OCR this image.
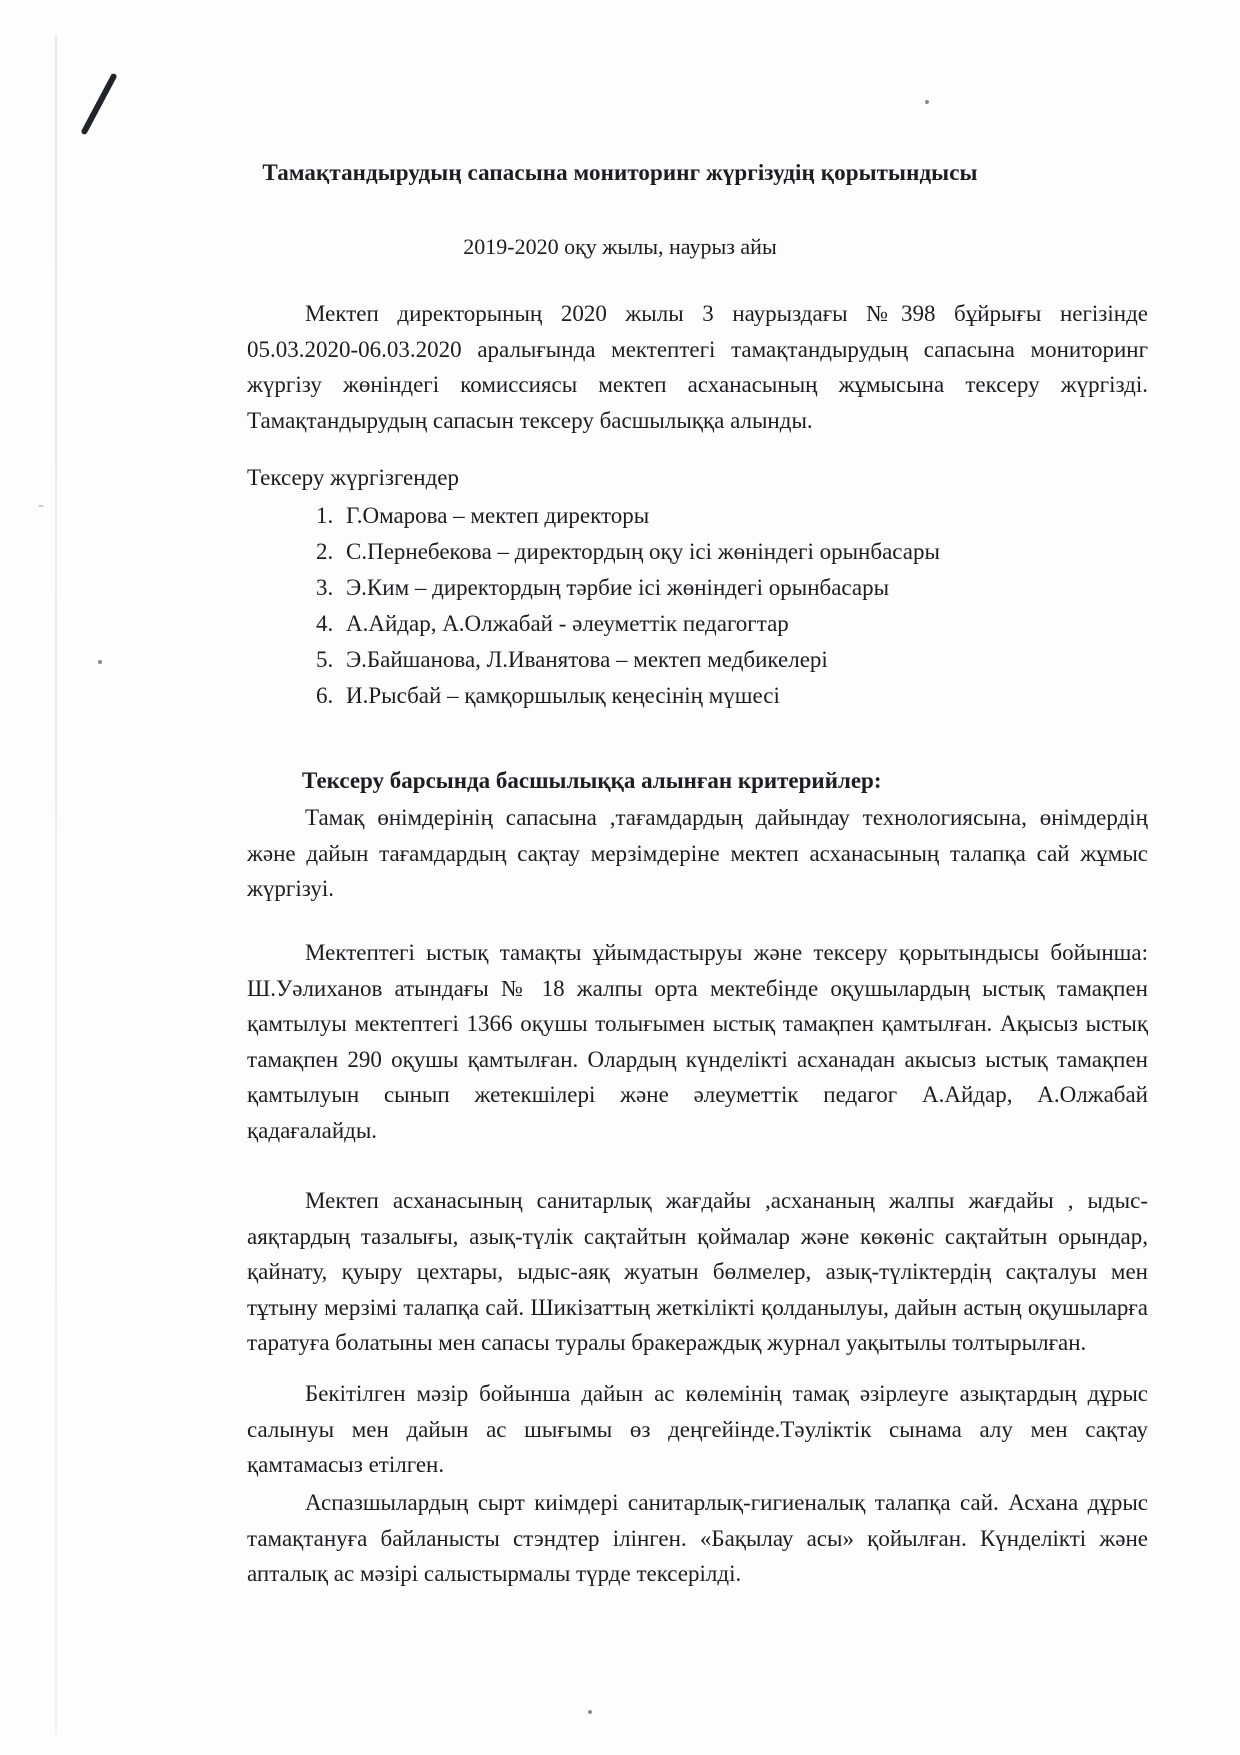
Тамақтандырудың сапасына мониторинг жүргізудің қорытындысы
2019-2020 оқу жылы, наурыз айы
Мектеп директорының 2020 жылы 3 наурыздағы №398 бұйрығы негізінде 05.03.2020-06.03.2020 аралығында мектептегі тамақтандырудың сапасына мониторинг жүргізу жөніндегі комиссиясы мектеп асханасының жұмысына тексеру жүргізді. Тамақтандырудың сапасын тексеру басшылыққа алынды.
Тексеру жүргізгендер
1. Г.Омарова – мектеп директоры
2. С.Пернебекова – директордың оқу ісі жөніндегі орынбасары
3. Э.Ким – директордың тәрбие ісі жөніндегі орынбасары
4. А.Айдар, А.Олжабай - әлеуметтік педагогтар
5. Э.Байшанова, Л.Иванятова – мектеп медбикелері
6. И.Рысбай – қамқоршылық кеңесінің мүшесі
Тексеру барсында басшылыққа алынған критерийлер:
Тамақ өнімдерінің сапасына ,тағамдардың дайындау технологиясына, өнімдердің және дайын тағамдардың сақтау мерзімдеріне мектеп асханасының талапқа сай жұмыс жүргізуі.
Мектептегі ыстық тамақты ұйымдастыруы және тексеру қорытындысы бойынша: Ш.Уәлиханов атындағы № 18 жалпы орта мектебінде оқушылардың ыстық тамақпен қамтылуы мектептегі 1366 оқушы толығымен ыстық тамақпен қамтылған. Ақысыз ыстық тамақпен 290 оқушы қамтылған. Олардың күнделікті асханадан акысыз ыстық тамақпен қамтылуын сынып жетекшілері және әлеуметтік педагог А.Айдар, А.Олжабай қадағалайды.
Мектеп асханасының санитарлық жағдайы ,асхананың жалпы жағдайы , ыдыс-аяқтардың тазалығы, азық-түлік сақтайтын қоймалар және көкөніс сақтайтын орындар, қайнату, қуыру цехтары, ыдыс-аяқ жуатын бөлмелер, азық-түліктердің сақталуы мен тұтыну мерзімі талапқа сай. Шикізаттың жеткілікті қолданылуы, дайын астың оқушыларға таратуға болатыны мен сапасы туралы бракераждық журнал уақытылы толтырылған.
Бекітілген мәзір бойынша дайын ас көлемінің тамақ әзірлеуге азықтардың дұрыс салынуы мен дайын ас шығымы өз деңгейінде.Тәуліктік сынама алу мен сақтау қамтамасыз етілген.
Аспазшылардың сырт киімдері санитарлық-гигиеналық талапқа сай. Асхана дұрыс тамақтануға байланысты стэндтер ілінген. «Бақылау асы» қойылған. Күнделікті және апталық ас мәзірі салыстырмалы түрде тексерілді.
